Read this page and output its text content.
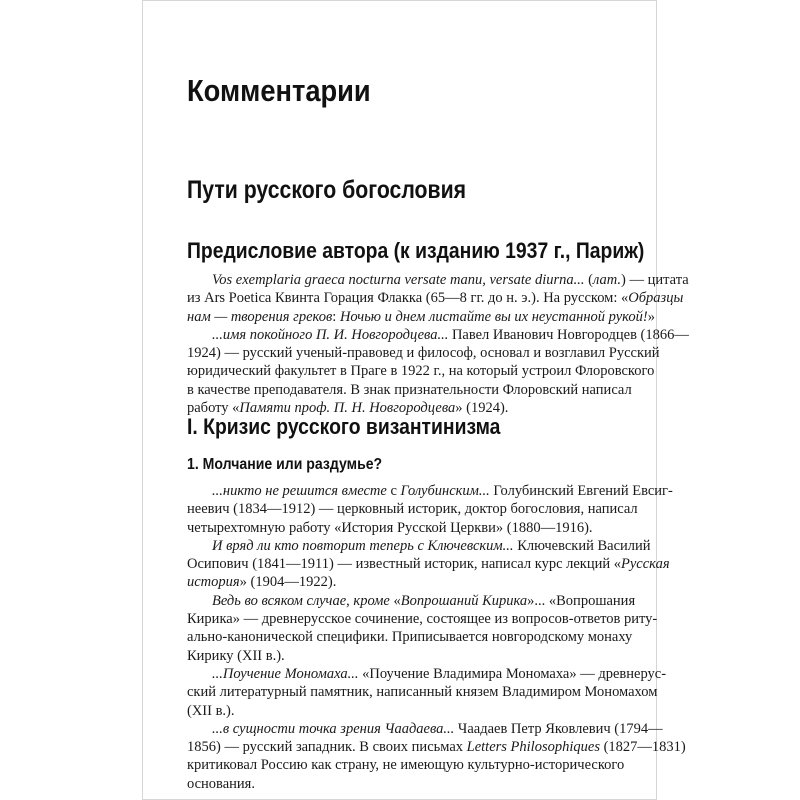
Комментарии
Пути русского богословия
Предисловие автора (к изданию 1937 г., Париж)
Vos exemplaria graeca nocturna versate manu, versate diurna... (лат.) — цитата
из Ars Poetica Квинта Горация Флакка (65—8 гг. до н. э.). На русском: «Образцы
нам — творения греков: Ночью и днем листайте вы их неустанной рукой!»
...имя покойного П. И. Новгородцева... Павел Иванович Новгородцев (1866—
1924) — русский ученый-правовед и философ, основал и возглавил Русский
юридический факультет в Праге в 1922 г., на который устроил Флоровского
в качестве преподавателя. В знак признательности Флоровский написал
работу «Памяти проф. П. Н. Новгородцева» (1924).
I. Кризис русского византинизма
1. Молчание или раздумье?
...никто не решится вместе с Голубинским... Голубинский Евгений Евсиг-
неевич (1834—1912) — церковный историк, доктор богословия, написал
четырехтомную работу «История Русской Церкви» (1880—1916).
И вряд ли кто повторит теперь с Ключевским... Ключевский Василий
Осипович (1841—1911) — известный историк, написал курс лекций «Русская
история» (1904—1922).
Ведь во всяком случае, кроме «Вопрошаний Кирика»... «Вопрошания
Кирика» — древнерусское сочинение, состоящее из вопросов-ответов риту-
ально-канонической специфики. Приписывается новгородскому монаху
Кирику (XII в.).
...Поучение Мономаха... «Поучение Владимира Мономаха» — древнерус-
ский литературный памятник, написанный князем Владимиром Мономахом
(XII в.).
...в сущности точка зрения Чаадаева... Чаадаев Петр Яковлевич (1794—
1856) — русский западник. В своих письмах Letters Philosophiques (1827—1831)
критиковал Россию как страну, не имеющую культурно-исторического
основания.
